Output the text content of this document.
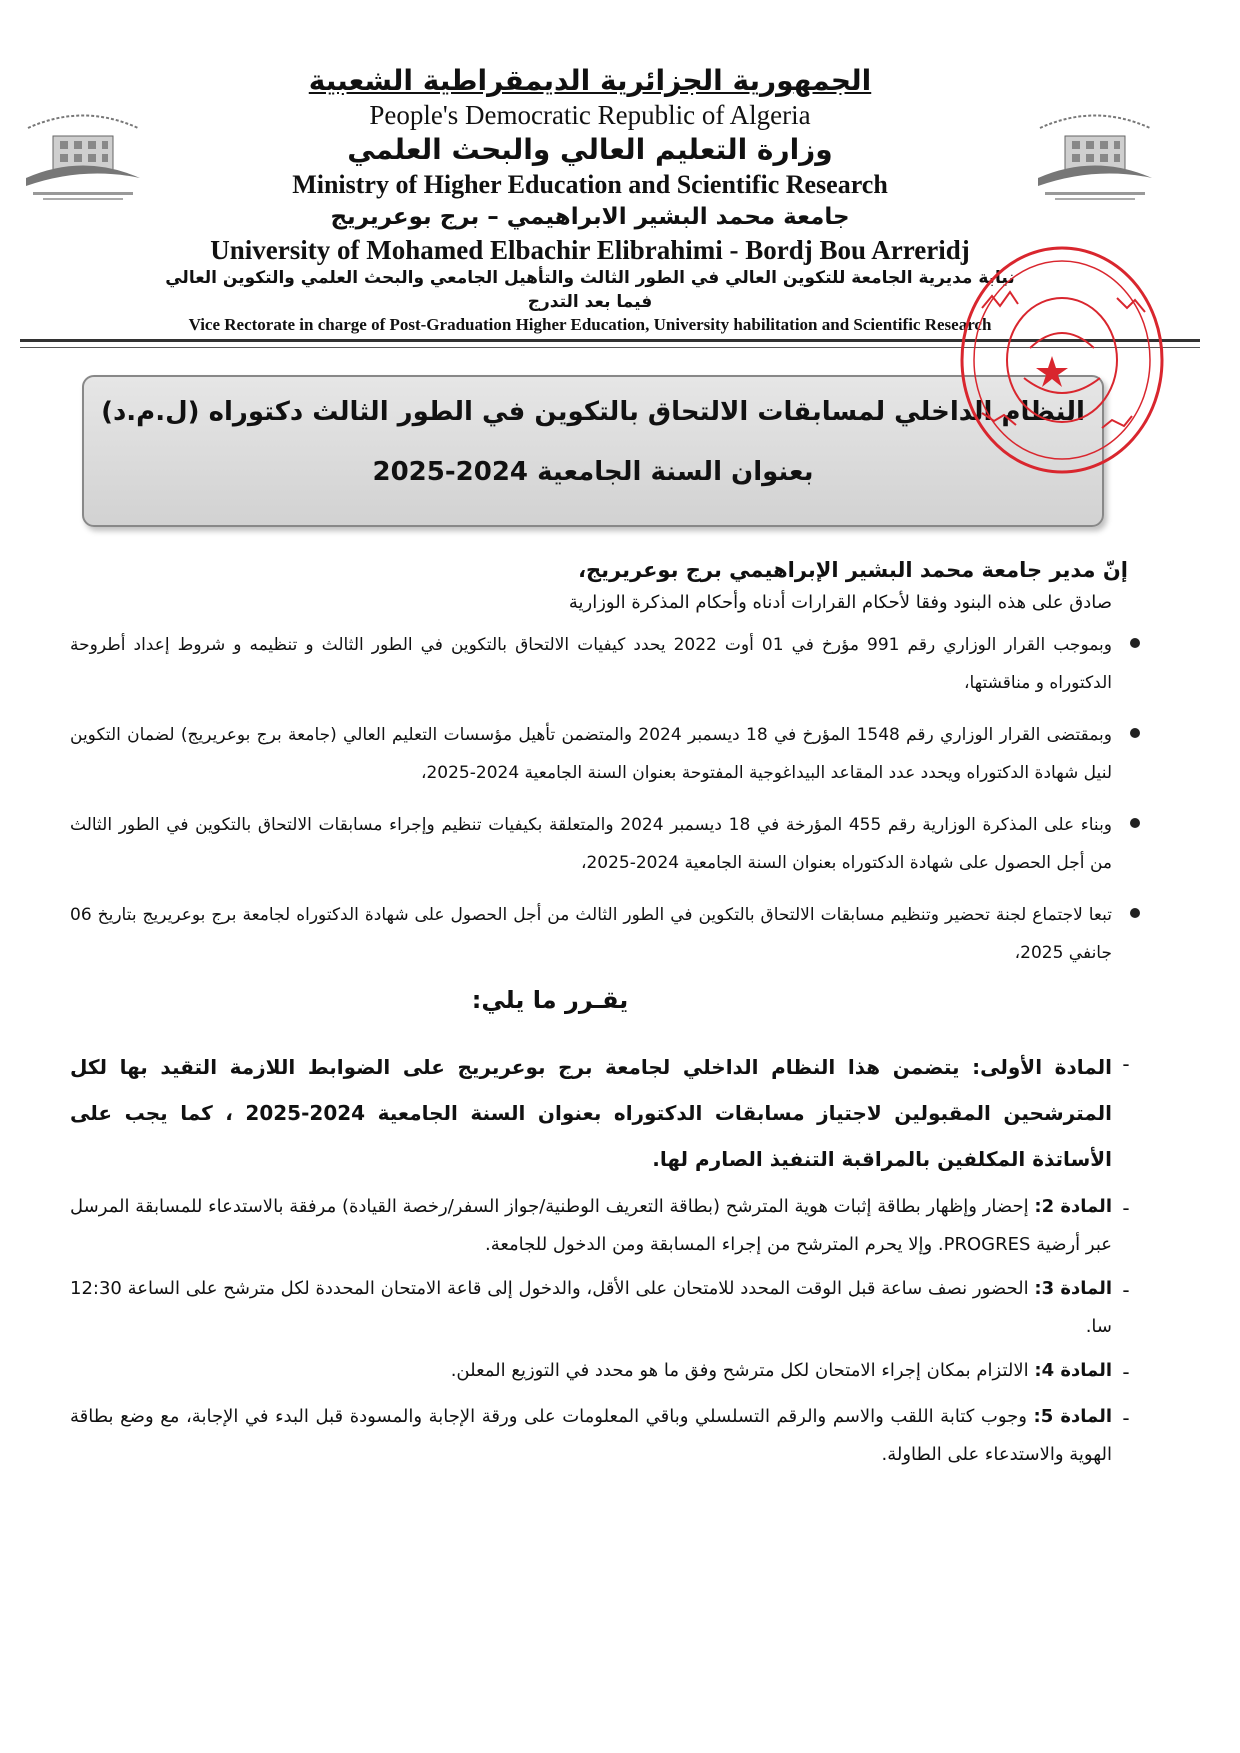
الجمهورية الجزائرية الديمقراطية الشعبية
People's Democratic Republic of Algeria
وزارة التعليم العالي والبحث العلمي
Ministry of Higher Education and Scientific Research
جامعة محمد البشير الابراهيمي – برج بوعريريج
University of Mohamed Elbachir Elibrahimi - Bordj Bou Arreridj
نيابة مديرية الجامعة للتكوين العالي في الطور الثالث والتأهيل الجامعي والبحث العلمي والتكوين العالي فيما بعد التدرج
Vice Rectorate in charge of Post-Graduation Higher Education, University habilitation and Scientific Research
النظام الداخلي لمسابقات الالتحاق بالتكوين في الطور الثالث دكتوراه (ل.م.د)
بعنوان السنة الجامعية 2024-2025
إنّ مدير جامعة محمد البشير الإبراهيمي برج بوعريريج،
صادق على هذه البنود وفقا لأحكام القرارات أدناه وأحكام المذكرة الوزارية
وبموجب القرار الوزاري رقم 991 مؤرخ في 01 أوت 2022 يحدد كيفيات الالتحاق بالتكوين في الطور الثالث و تنظيمه و شروط إعداد أطروحة الدكتوراه و مناقشتها،
وبمقتضى القرار الوزاري رقم 1548 المؤرخ في 18 ديسمبر 2024 والمتضمن تأهيل مؤسسات التعليم العالي (جامعة برج بوعريريج) لضمان التكوين لنيل شهادة الدكتوراه ويحدد عدد المقاعد البيداغوجية المفتوحة بعنوان السنة الجامعية 2024-2025،
وبناء على المذكرة الوزارية رقم 455 المؤرخة في 18 ديسمبر 2024 والمتعلقة بكيفيات تنظيم وإجراء مسابقات الالتحاق بالتكوين في الطور الثالث من أجل الحصول على شهادة الدكتوراه بعنوان السنة الجامعية 2024-2025،
تبعا لاجتماع لجنة تحضير وتنظيم مسابقات الالتحاق بالتكوين في الطور الثالث من أجل الحصول على شهادة الدكتوراه لجامعة برج بوعريريج بتاريخ 06 جانفي 2025،
يقـرر ما يلي:
-
المادة الأولى: يتضمن هذا النظام الداخلي لجامعة برج بوعريريج على الضوابط اللازمة التقيد بها لكل المترشحين المقبولين لاجتياز مسابقات الدكتوراه بعنوان السنة الجامعية 2024-2025 ، كما يجب على الأساتذة المكلفين بالمراقبة التنفيذ الصارم لها.
-
المادة 2: إحضار وإظهار بطاقة إثبات هوية المترشح (بطاقة التعريف الوطنية/جواز السفر/رخصة القيادة) مرفقة بالاستدعاء للمسابقة المرسل عبر أرضية PROGRES. وإلا يحرم المترشح من إجراء المسابقة ومن الدخول للجامعة.
-
المادة 3: الحضور نصف ساعة قبل الوقت المحدد للامتحان على الأقل، والدخول إلى قاعة الامتحان المحددة لكل مترشح على الساعة 12:30 سا.
-
المادة 4: الالتزام بمكان إجراء الامتحان لكل مترشح وفق ما هو محدد في التوزيع المعلن.
-
المادة 5: وجوب كتابة اللقب والاسم والرقم التسلسلي وباقي المعلومات على ورقة الإجابة والمسودة قبل البدء في الإجابة، مع وضع بطاقة الهوية والاستدعاء على الطاولة.
